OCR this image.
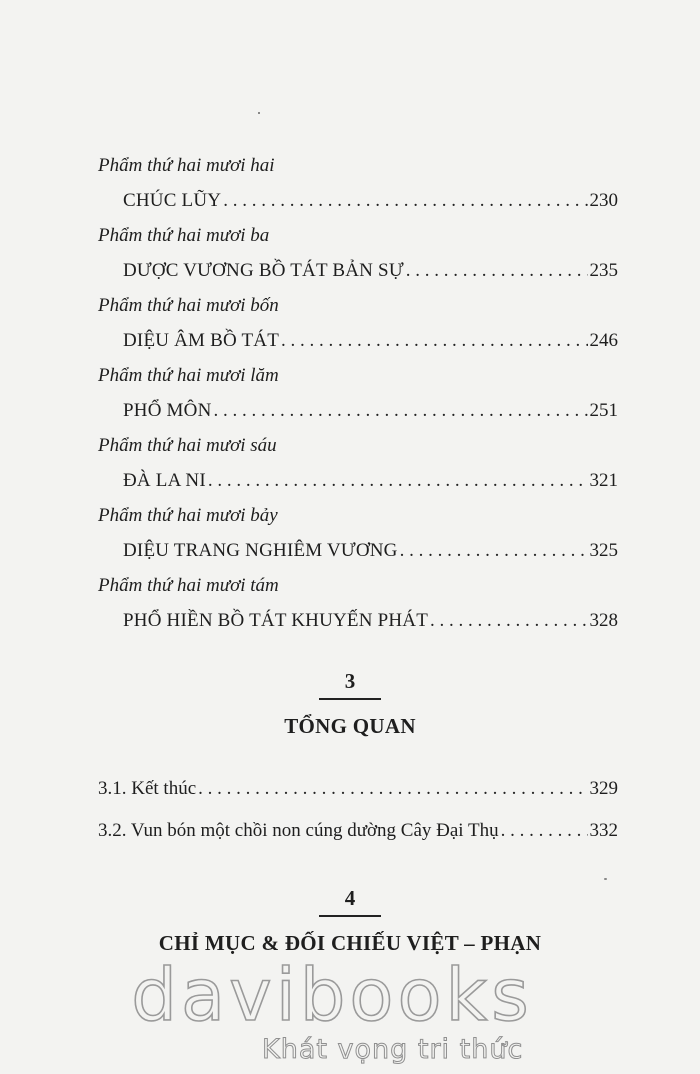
Phẩm thứ hai mươi hai
CHÚC LŨY . . .	230
Phẩm thứ hai mươi ba
DƯỢC VƯƠNG BỒ TÁT BẢN SỰ . . .	235
Phẩm thứ hai mươi bốn
DIỆU ÂM BỒ TÁT . . .	246
Phẩm thứ hai mươi lăm
PHỔ MÔN . . .	251
Phẩm thứ hai mươi sáu
ĐÀ LA NI . . .	321
Phẩm thứ hai mươi bảy
DIỆU TRANG NGHIÊM VƯƠNG . . .	325
Phẩm thứ hai mươi tám
PHỔ HIỀN BỒ TÁT KHUYẾN PHÁT . . .	328
3
TỔNG QUAN
3.1. Kết thúc . . .	329
3.2. Vun bón một chồi non cúng dường Cây Đại Thụ . . .	332
4
CHỈ MỤC & ĐỐI CHIẾU VIỆT – PHẠN
davibooks
Khát vọng tri thức
